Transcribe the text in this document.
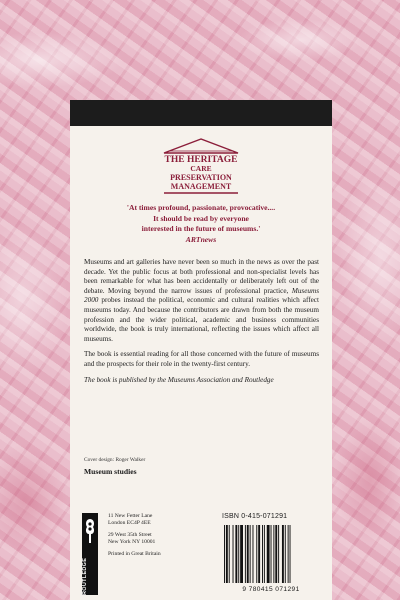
THE HERITAGE
CARE
PRESERVATION
MANAGEMENT
'At times profound, passionate, provocative....
It should be read by everyone
interested in the future of museums.'
ARTnews

Museums and art galleries have never been so much in the news as over the past decade. Yet the public focus at both professional and non-specialist levels has been remarkable for what has been accidentally or deliberately left out of the debate. Moving beyond the narrow issues of professional practice, Museums 2000 probes instead the political, economic and cultural realities which affect museums today. And because the contributors are drawn from both the museum profession and the wider political, academic and business communities worldwide, the book is truly international, reflecting the issues which affect all museums.

The book is essential reading for all those concerned with the future of museums and the prospects for their role in the twenty-first century.

The book is published by the Museums Association and Routledge

Cover design: Roger Walker
Museum studies
ROUTLEDGE
11 New Fetter Lane
London EC4P 4EE
29 West 35th Street
New York NY 10001
Printed in Great Britain
ISBN 0-415-071291
9 780415 071291
